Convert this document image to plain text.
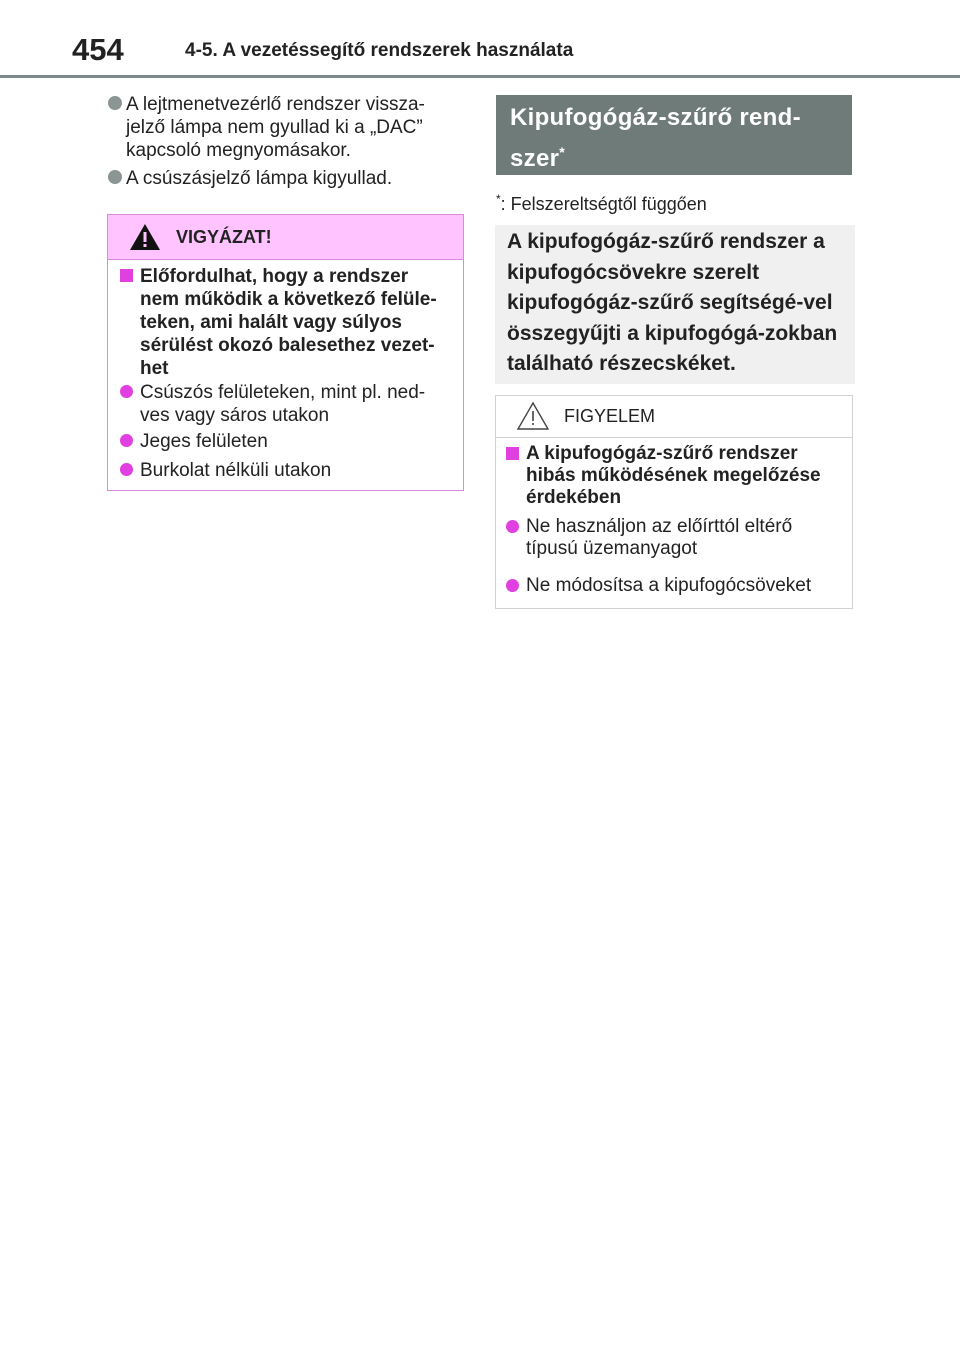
454	4-5. A vezetéssegítő rendszerek használata
A lejtmenetvezérlő rendszer vissza-jelző lámpa nem gyullad ki a „DAC” kapcsoló megnyomásakor.
A csúszásjelző lámpa kigyullad.
VIGYÁZAT!
Előfordulhat, hogy a rendszer nem működik a következő felüle-teken, ami halált vagy súlyos sérülést okozó balesethez vezet-het
Csúszós felületeken, mint pl. ned-ves vagy sáros utakon
Jeges felületen
Burkolat nélküli utakon
Kipufogógáz-szűrő rend-
szer*
*: Felszereltségtől függően
A kipufogógáz-szűrő rendszer a kipufogócsövekre szerelt kipufogógáz-szűrő segítségé-vel összegyűjti a kipufogógá-zokban található részecskéket.
FIGYELEM
A kipufogógáz-szűrő rendszer hibás működésének megelőzése érdekében
Ne használjon az előírttól eltérő típusú üzemanyagot
Ne módosítsa a kipufogócsöveket
